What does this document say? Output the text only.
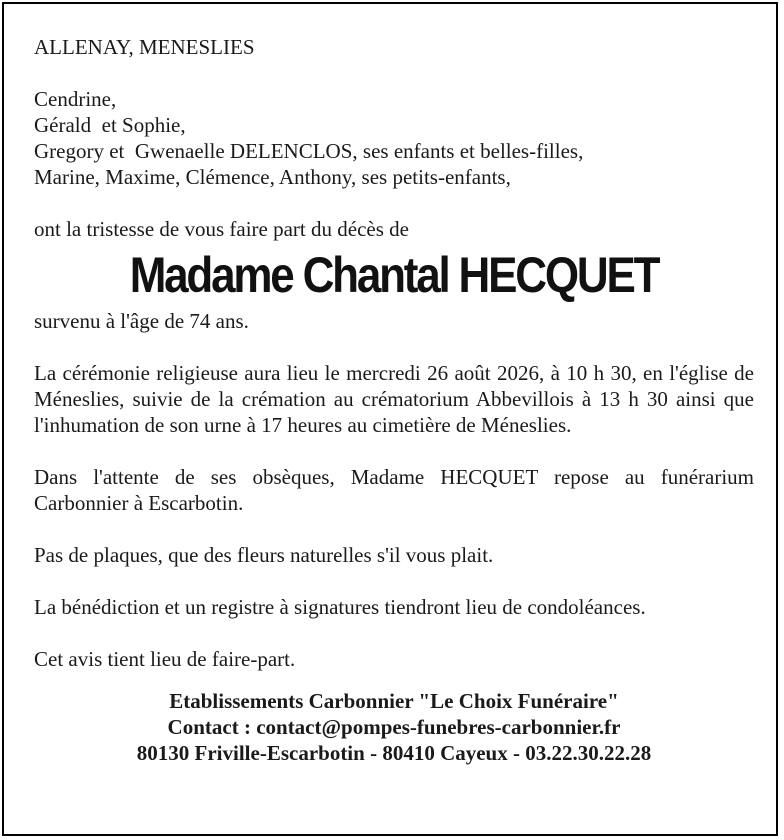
ALLENAY, MENESLIES

Cendrine,
Gérald  et Sophie,
Gregory et  Gwenaelle DELENCLOS, ses enfants et belles-filles,
Marine, Maxime, Clémence, Anthony, ses petits-enfants,

ont la tristesse de vous faire part du décès de

Madame Chantal HECQUET

survenu à l'âge de 74 ans.

La cérémonie religieuse aura lieu le mercredi 26 août 2026, à 10 h 30, en l'église de Méneslies, suivie de la crémation au crématorium Abbevillois à 13 h 30 ainsi que l'inhumation de son urne à 17 heures au cimetière de Méneslies.

Dans l'attente de ses obsèques, Madame HECQUET repose au funérarium Carbonnier à Escarbotin.

Pas de plaques, que des fleurs naturelles s'il vous plait.

La bénédiction et un registre à signatures tiendront lieu de condoléances.

Cet avis tient lieu de faire-part.

Etablissements Carbonnier "Le Choix Funéraire"
Contact : contact@pompes-funebres-carbonnier.fr
80130 Friville-Escarbotin - 80410 Cayeux - 03.22.30.22.28
